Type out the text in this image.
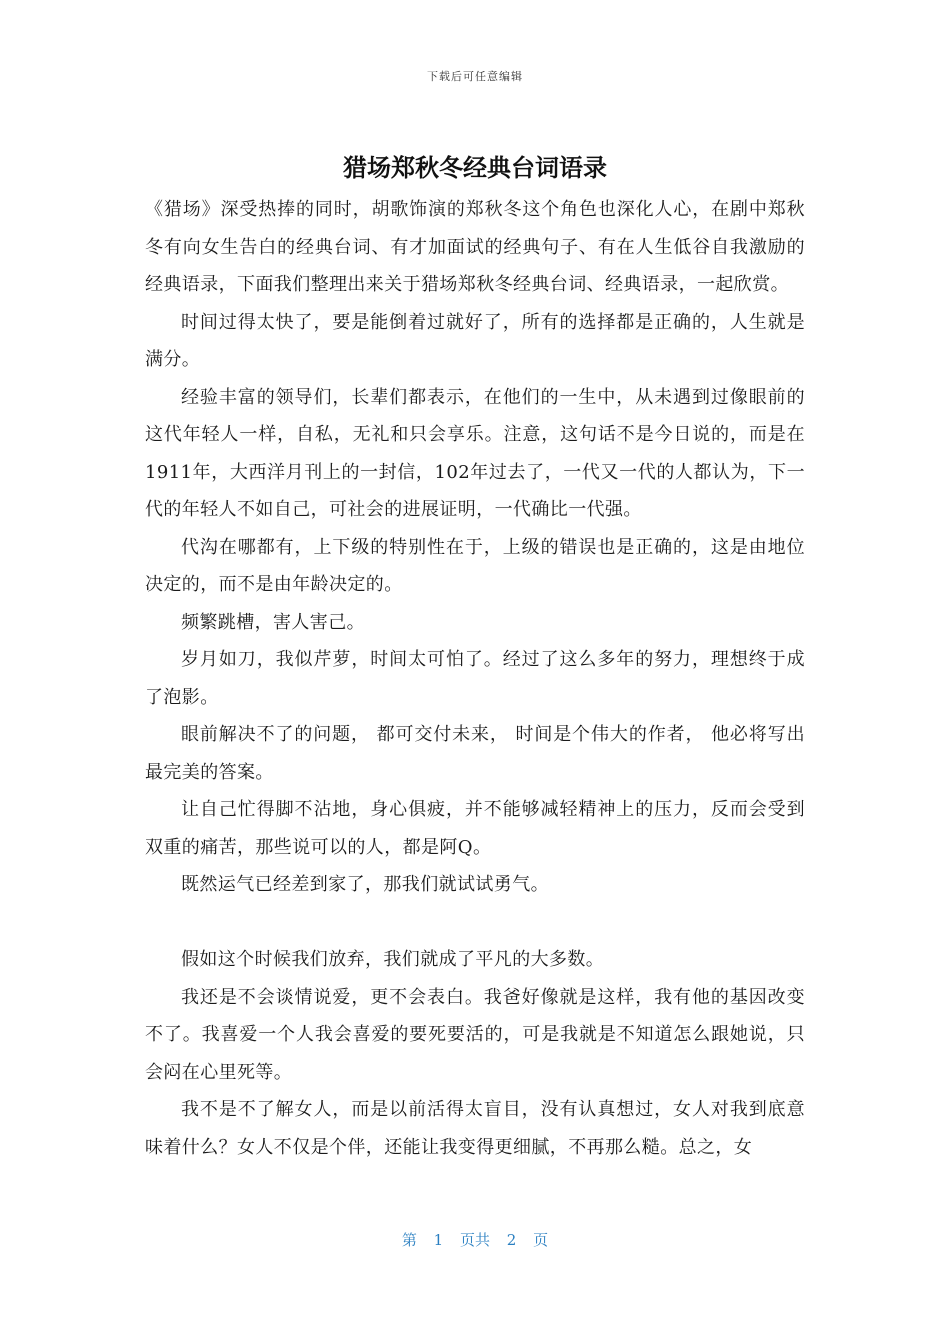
下载后可任意编辑
猎场郑秋冬经典台词语录

《猎场》深受热捧的同时，胡歌饰演的郑秋冬这个角色也深化人心，在剧中郑秋冬有向女生告白的经典台词、有才加面试的经典句子、有在人生低谷自我激励的经典语录，下面我们整理出来关于猎场郑秋冬经典台词、经典语录，一起欣赏。

时间过得太快了，要是能倒着过就好了，所有的选择都是正确的，人生就是满分。

经验丰富的领导们，长辈们都表示，在他们的一生中，从未遇到过像眼前的这代年轻人一样，自私，无礼和只会享乐。注意，这句话不是今日说的，而是在1911年，大西洋月刊上的一封信，102年过去了，一代又一代的人都认为，下一代的年轻人不如自己，可社会的进展证明，一代确比一代强。

代沟在哪都有，上下级的特别性在于，上级的错误也是正确的，这是由地位决定的，而不是由年龄决定的。

频繁跳槽，害人害己。

岁月如刀，我似芹萝，时间太可怕了。经过了这么多年的努力，理想终于成了泡影。

眼前解决不了的问题， 都可交付未来， 时间是个伟大的作者， 他必将写出最完美的答案。

让自己忙得脚不沾地，身心俱疲，并不能够减轻精神上的压力，反而会受到双重的痛苦，那些说可以的人，都是阿Q。

既然运气已经差到家了，那我们就试试勇气。

假如这个时候我们放弃，我们就成了平凡的大多数。

我还是不会谈情说爱，更不会表白。我爸好像就是这样，我有他的基因改变不了。我喜爱一个人我会喜爱的要死要活的，可是我就是不知道怎么跟她说，只会闷在心里死等。

我不是不了解女人，而是以前活得太盲目，没有认真想过，女人对我到底意味着什么？女人不仅是个伴，还能让我变得更细腻，不再那么糙。总之，女

第 1 页共 2 页
